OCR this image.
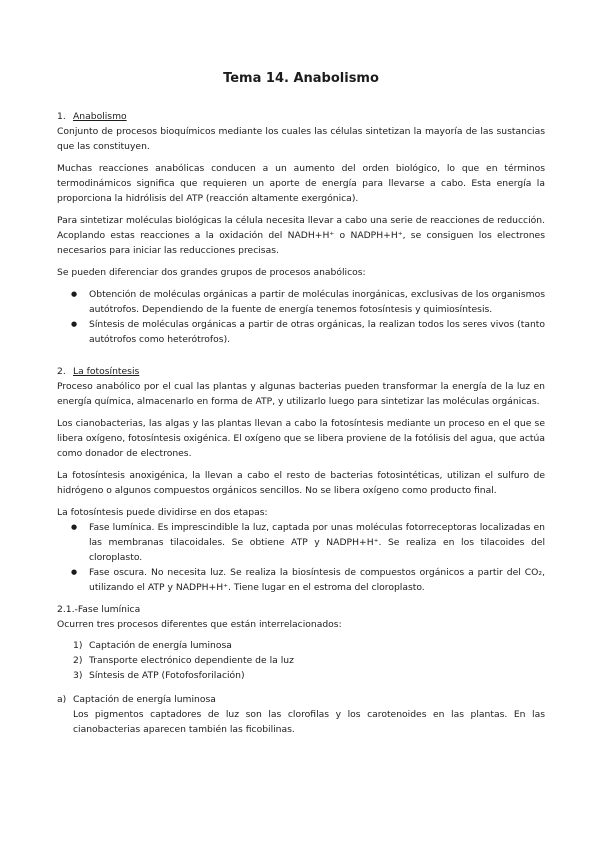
Tema 14. Anabolismo
1. Anabolismo

Conjunto de procesos bioquímicos mediante los cuales las células sintetizan la mayoría de las sustancias que las constituyen.

Muchas reacciones anabólicas conducen a un aumento del orden biológico, lo que en términos termodinámicos significa que requieren un aporte de energía para llevarse a cabo. Esta energía la proporciona la hidrólisis del ATP (reacción altamente exergónica).

Para sintetizar moléculas biológicas la célula necesita llevar a cabo una serie de reacciones de reducción. Acoplando estas reacciones a la oxidación del NADH+H⁺ o NADPH+H⁺, se consiguen los electrones necesarios para iniciar las reducciones precisas.

Se pueden diferenciar dos grandes grupos de procesos anabólicos:

● Obtención de moléculas orgánicas a partir de moléculas inorgánicas, exclusivas de los organismos autótrofos. Dependiendo de la fuente de energía tenemos fotosíntesis y quimiosíntesis.
● Síntesis de moléculas orgánicas a partir de otras orgánicas, la realizan todos los seres vivos (tanto autótrofos como heterótrofos).
2. La fotosíntesis

Proceso anabólico por el cual las plantas y algunas bacterias pueden transformar la energía de la luz en energía química, almacenarlo en forma de ATP, y utilizarlo luego para sintetizar las moléculas orgánicas.

Los cianobacterias, las algas y las plantas llevan a cabo la fotosíntesis mediante un proceso en el que se libera oxígeno, fotosíntesis oxigénica. El oxígeno que se libera proviene de la fotólisis del agua, que actúa como donador de electrones.

La fotosíntesis anoxigénica, la llevan a cabo el resto de bacterias fotosintéticas, utilizan el sulfuro de hidrógeno o algunos compuestos orgánicos sencillos. No se libera oxígeno como producto final.

La fotosíntesis puede dividirse en dos etapas:

● Fase lumínica. Es imprescindible la luz, captada por unas moléculas fotorreceptoras localizadas en las membranas tilacoidales. Se obtiene ATP y NADPH+H⁺. Se realiza en los tilacoides del cloroplasto.
● Fase oscura. No necesita luz. Se realiza la biosíntesis de compuestos orgánicos a partir del CO₂, utilizando el ATP y NADPH+H⁺. Tiene lugar en el estroma del cloroplasto.
2.1.-Fase lumínica

Ocurren tres procesos diferentes que están interrelacionados:

1) Captación de energía luminosa
2) Transporte electrónico dependiente de la luz
3) Síntesis de ATP (Fotofosforilación)
a) Captación de energía luminosa
Los pigmentos captadores de luz son las clorofilas y los carotenoides en las plantas. En las cianobacterias aparecen también las ficobilinas.
